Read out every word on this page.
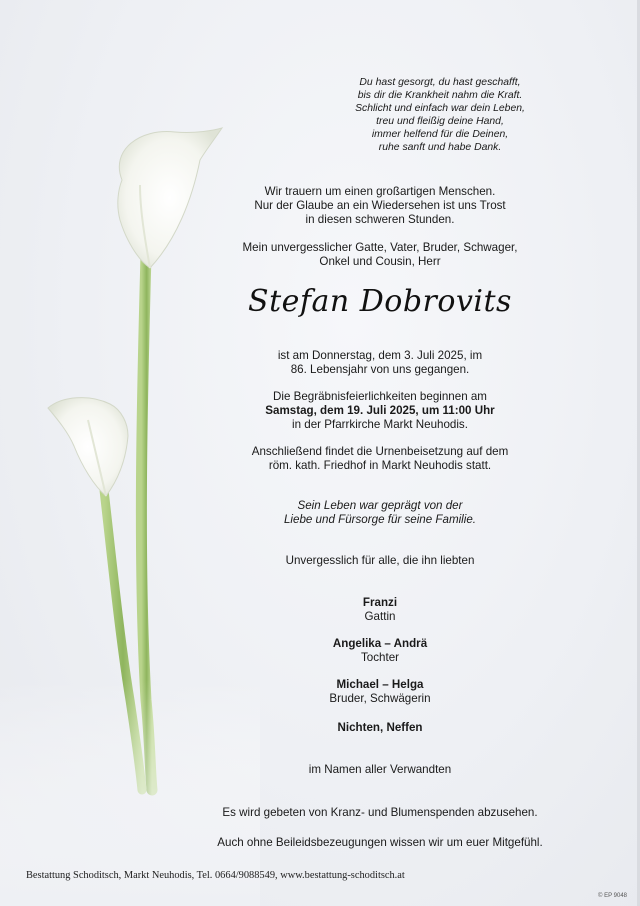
Du hast gesorgt, du hast geschafft,
bis dir die Krankheit nahm die Kraft.
Schlicht und einfach war dein Leben,
treu und fleißig deine Hand,
immer helfend für die Deinen,
ruhe sanft und habe Dank.
Wir trauern um einen großartigen Menschen.
Nur der Glaube an ein Wiedersehen ist uns Trost
in diesen schweren Stunden.
Mein unvergesslicher Gatte, Vater, Bruder, Schwager,
Onkel und Cousin, Herr
Stefan Dobrovits
ist am Donnerstag, dem 3. Juli 2025, im
86. Lebensjahr von uns gegangen.
Die Begräbnisfeierlichkeiten beginnen am
Samstag, dem 19. Juli 2025, um 11:00 Uhr
in der Pfarrkirche Markt Neuhodis.
Anschließend findet die Urnenbeisetzung auf dem
röm. kath. Friedhof in Markt Neuhodis statt.
Sein Leben war geprägt von der
Liebe und Fürsorge für seine Familie.
Unvergesslich für alle, die ihn liebten
Franzi
Gattin
Angelika – Andrä
Tochter
Michael – Helga
Bruder, Schwägerin
Nichten, Neffen
im Namen aller Verwandten
Es wird gebeten von Kranz- und Blumenspenden abzusehen.
Auch ohne Beileidsbezeugungen wissen wir um euer Mitgefühl.
Bestattung Schoditsch, Markt Neuhodis, Tel. 0664/9088549, www.bestattung-schoditsch.at
© EP 9048
